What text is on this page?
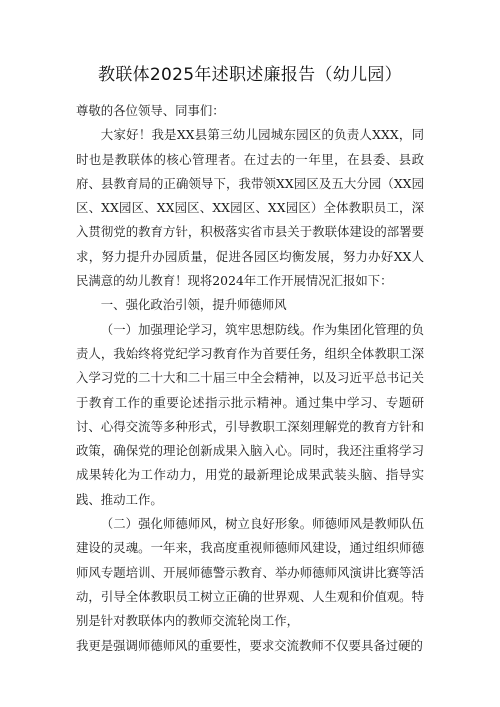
教联体2025年述职述廉报告（幼儿园）

尊敬的各位领导、同事们：

大家好！我是XX县第三幼儿园城东园区的负责人XXX，同时也是教联体的核心管理者。在过去的一年里，在县委、县政府、县教育局的正确领导下，我带领XX园区及五大分园（XX园区、XX园区、XX园区、XX园区、XX园区）全体教职员工，深入贯彻党的教育方针，积极落实省市县关于教联体建设的部署要求，努力提升办园质量，促进各园区均衡发展，努力办好XX人民满意的幼儿教育！现将2024年工作开展情况汇报如下：

一、强化政治引领，提升师德师风

（一）加强理论学习，筑牢思想防线。作为集团化管理的负责人，我始终将党纪学习教育作为首要任务，组织全体教职工深入学习党的二十大和二十届三中全会精神，以及习近平总书记关于教育工作的重要论述指示批示精神。通过集中学习、专题研讨、心得交流等多种形式，引导教职工深刻理解党的教育方针和政策，确保党的理论创新成果入脑入心。同时，我还注重将学习成果转化为工作动力，用党的最新理论成果武装头脑、指导实践、推动工作。

（二）强化师德师风，树立良好形象。师德师风是教师队伍建设的灵魂。一年来，我高度重视师德师风建设，通过组织师德师风专题培训、开展师德警示教育、举办师德师风演讲比赛等活动，引导全体教职员工树立正确的世界观、人生观和价值观。特别是针对教联体内的教师交流轮岗工作，

我更是强调师德师风的重要性，要求交流教师不仅要具备过硬的
